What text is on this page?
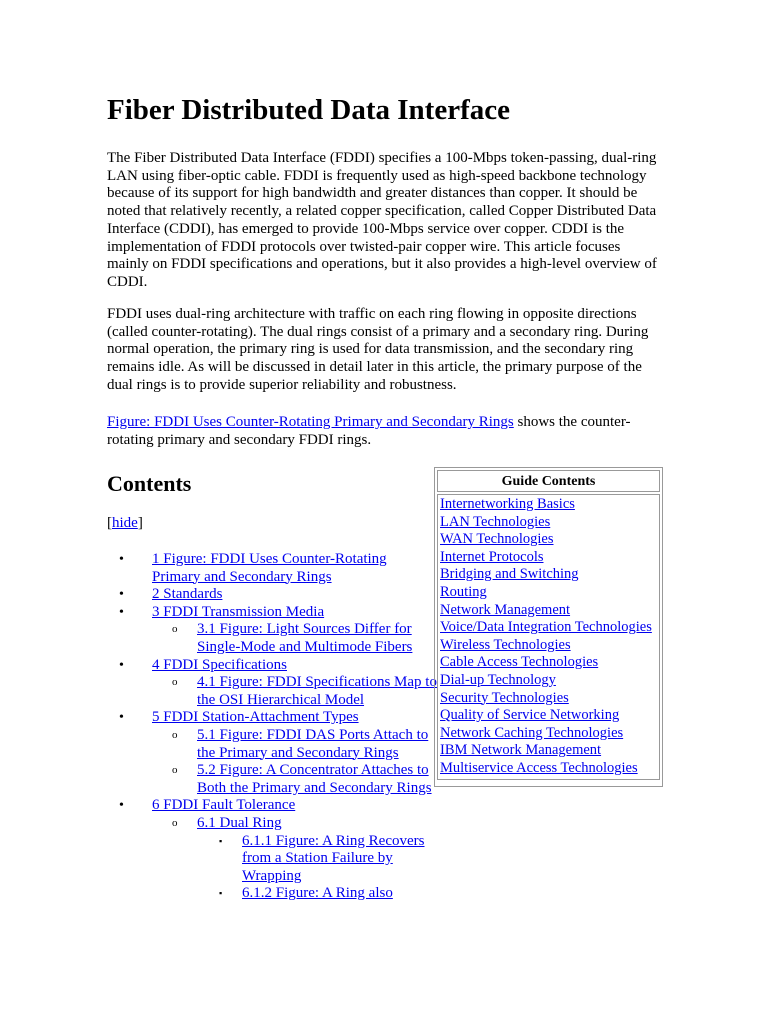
Fiber Distributed Data Interface

The Fiber Distributed Data Interface (FDDI) specifies a 100-Mbps token-passing, dual-ring LAN using fiber-optic cable. FDDI is frequently used as high-speed backbone technology because of its support for high bandwidth and greater distances than copper. It should be noted that relatively recently, a related copper specification, called Copper Distributed Data Interface (CDDI), has emerged to provide 100-Mbps service over copper. CDDI is the implementation of FDDI protocols over twisted-pair copper wire. This article focuses mainly on FDDI specifications and operations, but it also provides a high-level overview of CDDI.

FDDI uses dual-ring architecture with traffic on each ring flowing in opposite directions (called counter-rotating). The dual rings consist of a primary and a secondary ring. During normal operation, the primary ring is used for data transmission, and the secondary ring remains idle. As will be discussed in detail later in this article, the primary purpose of the dual rings is to provide superior reliability and robustness.

Figure: FDDI Uses Counter-Rotating Primary and Secondary Rings shows the counter-rotating primary and secondary FDDI rings.

Contents
[hide]
• 1 Figure: FDDI Uses Counter-Rotating Primary and Secondary Rings
• 2 Standards
• 3 FDDI Transmission Media
o 3.1 Figure: Light Sources Differ for Single-Mode and Multimode Fibers
• 4 FDDI Specifications
o 4.1 Figure: FDDI Specifications Map to the OSI Hierarchical Model
• 5 FDDI Station-Attachment Types
o 5.1 Figure: FDDI DAS Ports Attach to the Primary and Secondary Rings
o 5.2 Figure: A Concentrator Attaches to Both the Primary and Secondary Rings
• 6 FDDI Fault Tolerance
o 6.1 Dual Ring
▪ 6.1.1 Figure: A Ring Recovers from a Station Failure by Wrapping
▪ 6.1.2 Figure: A Ring also
Guide Contents
Internetworking Basics
LAN Technologies
WAN Technologies
Internet Protocols
Bridging and Switching
Routing
Network Management
Voice/Data Integration Technologies
Wireless Technologies
Cable Access Technologies
Dial-up Technology
Security Technologies
Quality of Service Networking
Network Caching Technologies
IBM Network Management
Multiservice Access Technologies
